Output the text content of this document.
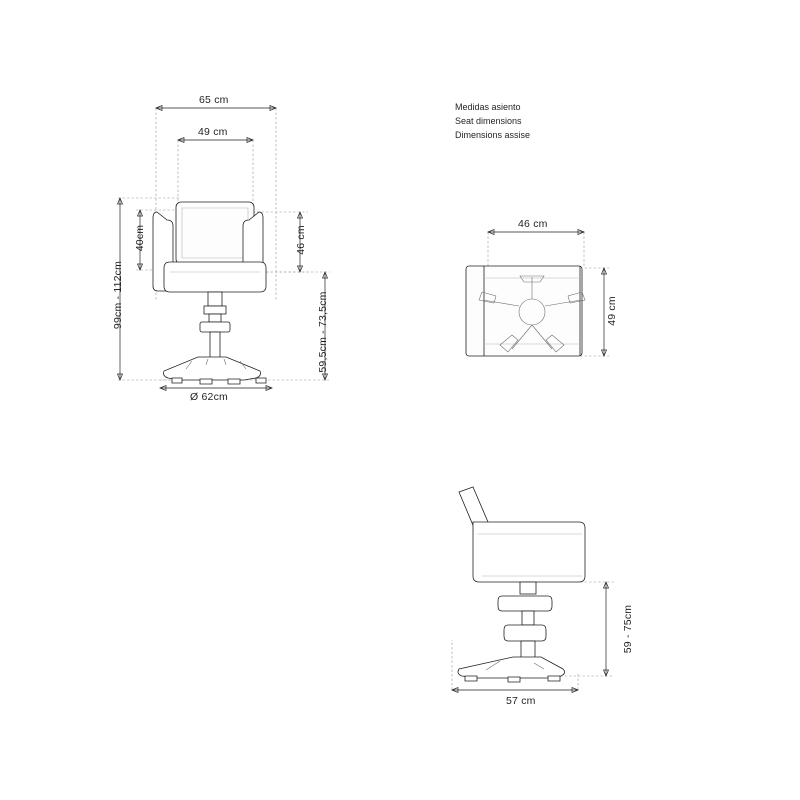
Medidas asiento
Seat dimensions
Dimensions assise
65 cm
49 cm
40cm	46 cm
99cm - 112cm	59,5cm - 73,5cm
Ø 62cm
46 cm
49 cm
59 - 75cm
57 cm
